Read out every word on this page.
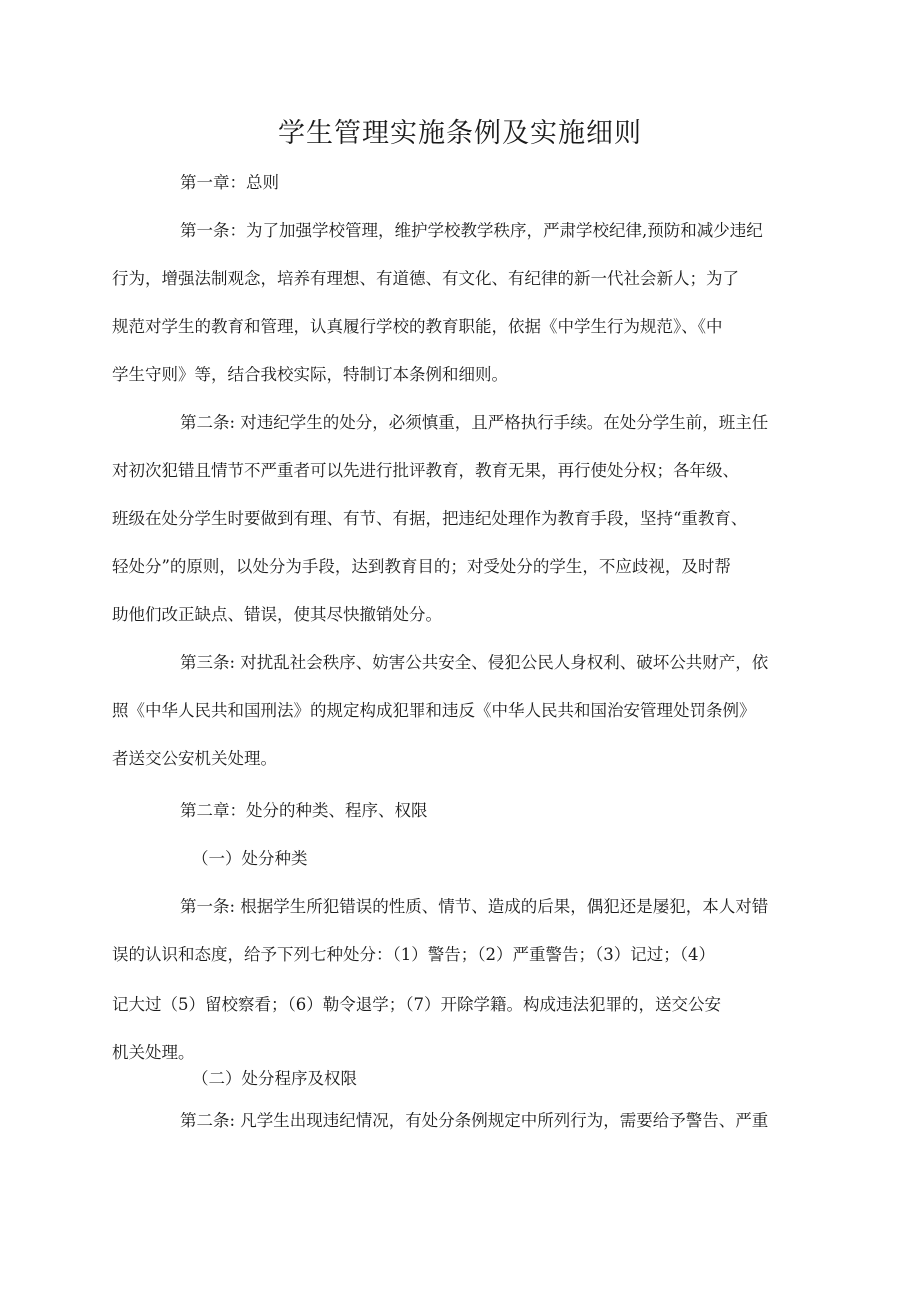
学生管理实施条例及实施细则

第一章：总则

第一条：为了加强学校管理，维护学校教学秩序，严肃学校纪律,预防和减少违纪

行为，增强法制观念，培养有理想、有道德、有文化、有纪律的新一代社会新人；为了

规范对学生的教育和管理，认真履行学校的教育职能，依据《中学生行为规范》、《中

学生守则》等，结合我校实际，特制订本条例和细则。

第二条: 对违纪学生的处分，必须慎重，且严格执行手续。在处分学生前，班主任

对初次犯错且情节不严重者可以先进行批评教育，教育无果，再行使处分权；各年级、

班级在处分学生时要做到有理、有节、有据，把违纪处理作为教育手段，坚持“重教育、

轻处分”的原则，以处分为手段，达到教育目的；对受处分的学生，不应歧视，及时帮

助他们改正缺点、错误，使其尽快撤销处分。

第三条: 对扰乱社会秩序、妨害公共安全、侵犯公民人身权利、破坏公共财产，依

照《中华人民共和国刑法》的规定构成犯罪和违反《中华人民共和国治安管理处罚条例》

者送交公安机关处理。

第二章：处分的种类、程序、权限

（一）处分种类

第一条: 根据学生所犯错误的性质、情节、造成的后果，偶犯还是屡犯，本人对错

误的认识和态度，给予下列七种处分：（1）警告；（2）严重警告；（3）记过；（4）

记大过（5）留校察看；（6）勒令退学；（7）开除学籍。构成违法犯罪的，送交公安

机关处理。

（二）处分程序及权限

第二条: 凡学生出现违纪情况，有处分条例规定中所列行为，需要给予警告、严重
